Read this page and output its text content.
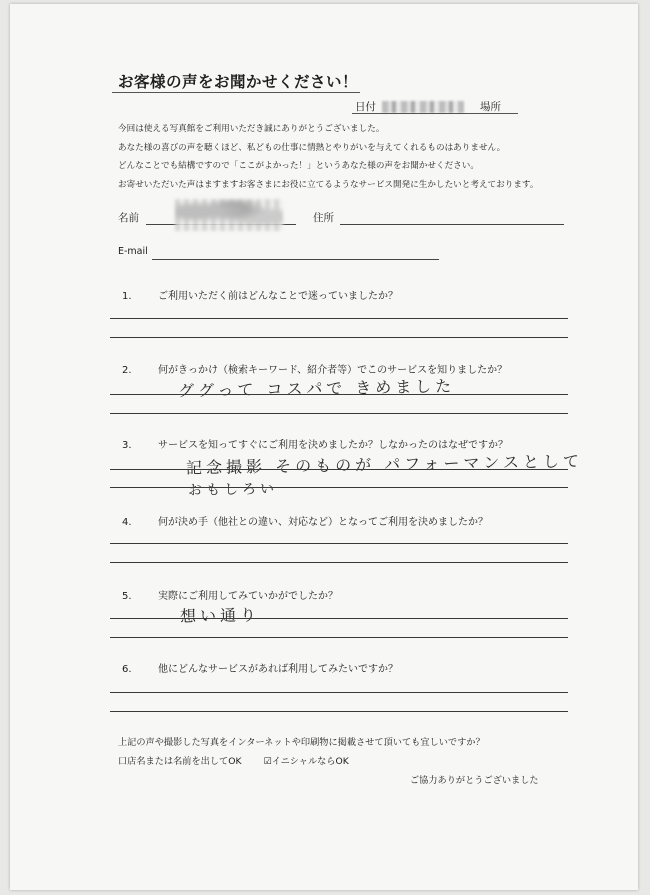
お客様の声をお聞かせください！
日付	場所
今回は使える写真館をご利用いただき誠にありがとうございました。
あなた様の喜びの声を聴くほど、私どもの仕事に情熱とやりがいを与えてくれるものはありません。
どんなことでも結構ですので「ここがよかった！」というあなた様の声をお聞かせください。
お寄せいただいた声はますますお客さまにお役に立てるようなサービス開発に生かしたいと考えております。
名前	住所
E-mail
1.	ご利用いただく前はどんなことで迷っていましたか？
2.	何がきっかけ（検索キーワード、紹介者等）でこのサービスを知りましたか？
ググって コスパで きめました
3.	サービスを知ってすぐにご利用を決めましたか？しなかったのはなぜですか？
記念撮影 そのものが パフォーマンスとして
おもしろい
4.	何が決め手（他社との違い、対応など）となってご利用を決めましたか？
5.	実際にご利用してみていかがでしたか？
想い通り
6.	他にどんなサービスがあれば利用してみたいですか？
上記の声や撮影した写真をインターネットや印刷物に掲載させて頂いても宜しいですか？
口店名または名前を出してOK ☑イニシャルならOK
ご協力ありがとうございました
